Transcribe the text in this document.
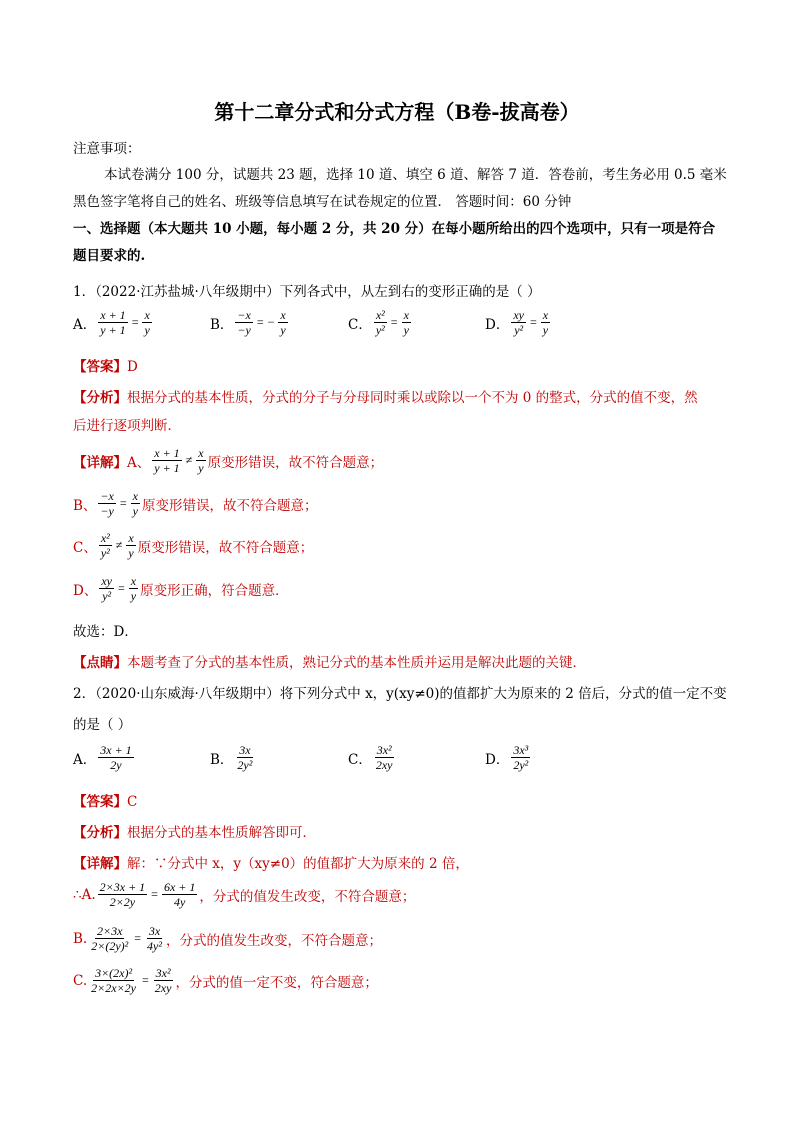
第十二章分式和分式方程（B卷-拔高卷）
注意事项：
本试卷满分 100 分，试题共 23 题，选择 10 道、填空 6 道、解答 7 道．答卷前，考生务必用 0.5 毫米
黑色签字笔将自己的姓名、班级等信息填写在试卷规定的位置． 答题时间：60 分钟
一、选择题（本大题共 10 小题，每小题 2 分，共 20 分）在每小题所给出的四个选项中，只有一项是符合
题目要求的.
1．（2022·江苏盐城·八年级期中）下列各式中，从左到右的变形正确的是（ ）
A． $\frac{x + 1}{y + 1} = \frac{x}{y}$	B． $\frac{-x}{-y}$ = − $\frac{x}{y}$	C． $\frac{\text{x²}}{\text{y²}} = \frac{x}{y}$	D． $\frac{xy}{\text{y²}} = \frac{x}{y}$
【答案】D
【分析】根据分式的基本性质，分式的分子与分母同时乘以或除以一个不为 0 的整式，分式的值不变，然
后进行逐项判断．
【详解】 A、 $\frac{x + 1}{y + 1} \ne \frac{x}{y}$ 原变形错误，故不符合题意；
B、 $\frac{-x}{-y} = \frac{x}{y}$ 原变形错误，故不符合题意；
C、 $\frac{\text{x²}}{\text{y²}} \ne \frac{x}{y}$ 原变形错误，故不符合题意；
D、 $\frac{xy}{\text{y²}} = \frac{x}{y}$ 原变形正确，符合题意．
故选：D．
【点睛】本题考查了分式的基本性质，熟记分式的基本性质并运用是解决此题的关键．
2．（2020·山东威海·八年级期中）将下列分式中 x，y(xy≠0)的值都扩大为原来的 2 倍后，分式的值一定不变
的是（ ）
A． $\frac{3x + 1}{2y}$	B． $\frac{3x}{\text{2y²}}$	C． $\frac{\text{3x²}}{2xy}$	D． $\frac{\text{3x³}}{\text{2y²}}$
【答案】C
【分析】根据分式的基本性质解答即可．
【详解】解：∵分式中 x，y（xy≠0）的值都扩大为原来的 2 倍，
∴A. $\frac{2\times 3x + 1}{2\times 2y} = \frac{6x + 1}{4y}$ ，分式的值发生改变，不符合题意；
B. $\frac{2\times 3x}{\text{2×(2y)²}} = \frac{3x}{\text{4y²}}$ ，分式的值发生改变，不符合题意；
C. $\frac{\text{3×(2x)²}}{2\times 2x\times 2y} = \frac{\text{3x²}}{2xy}$ ，分式的值一定不变，符合题意；
